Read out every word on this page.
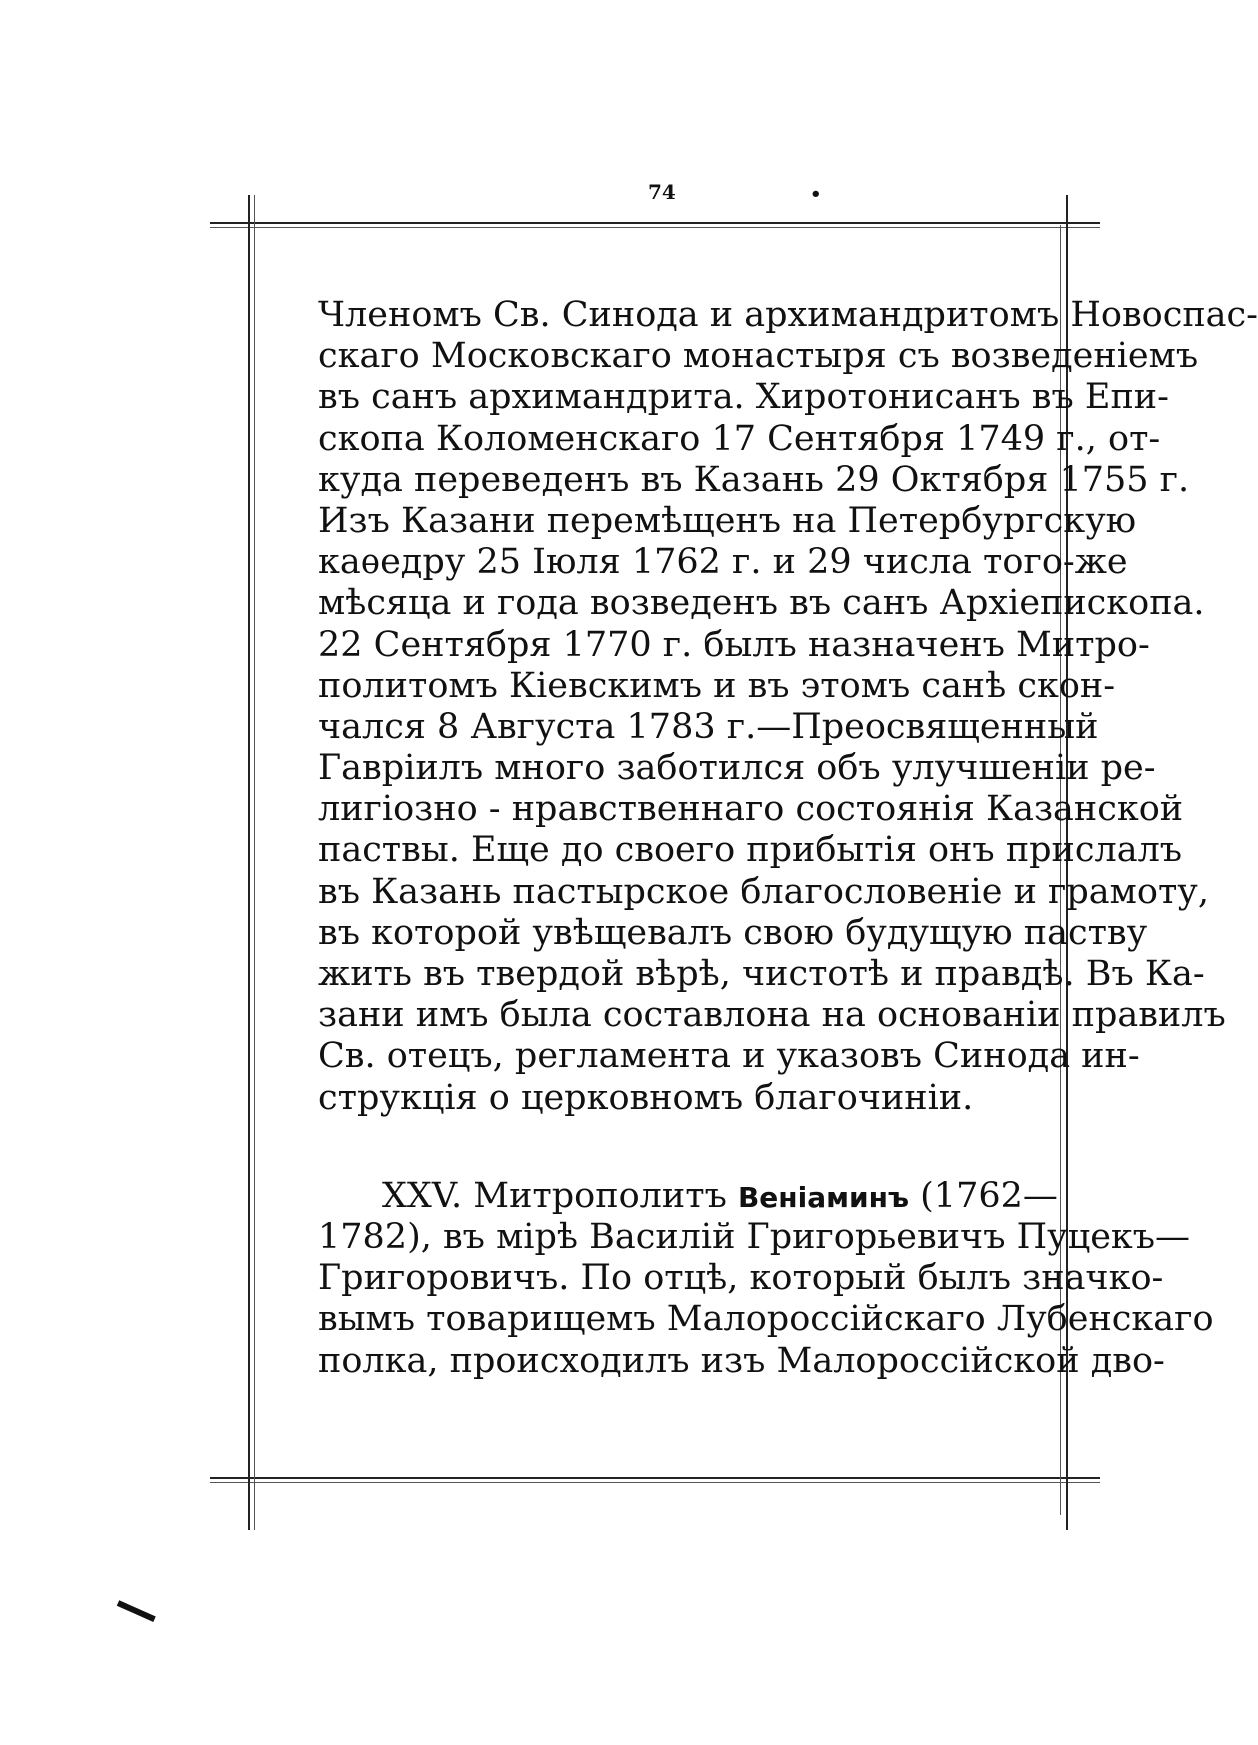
74	•
Членомъ Св. Синода и архимандритомъ Новоспас-
скаго Московскаго монастыря съ возведеніемъ
въ санъ архимандрита. Хиротонисанъ въ Епи-
скопа Коломенскаго 17 Сентября 1749 г., от-
куда переведенъ въ Казань 29 Октября 1755 г.
Изъ Казани перемѣщенъ на Петербургскую
каѳедру 25 Іюля 1762 г. и 29 числа того-же
мѣсяца и года возведенъ въ санъ Архіепископа.
22 Сентября 1770 г. былъ назначенъ Митро-
политомъ Кіевскимъ и въ этомъ санѣ скон-
чался 8 Августа 1783 г.—Преосвященный
Гавріилъ много заботился объ улучшеніи ре-
лигіозно - нравственнаго состоянія Казанской
паствы. Еще до своего прибытія онъ прислалъ
въ Казань пастырское благословеніе и грамоту,
въ которой увѣщевалъ свою будущую паству
жить въ твердой вѣрѣ, чистотѣ и правдѣ. Въ Ка-
зани имъ была составлона на основаніи правилъ
Св. отецъ, регламента и указовъ Синода ин-
струкція о церковномъ благочиніи.
XXV. Митрополитъ Веніаминъ (1762—
1782), въ мірѣ Василій Григорьевичъ Пуцекъ—
Григоровичъ. По отцѣ, который былъ значко-
вымъ товарищемъ Малороссійскаго Лубенскаго
полка, происходилъ изъ Малороссійской дво-
